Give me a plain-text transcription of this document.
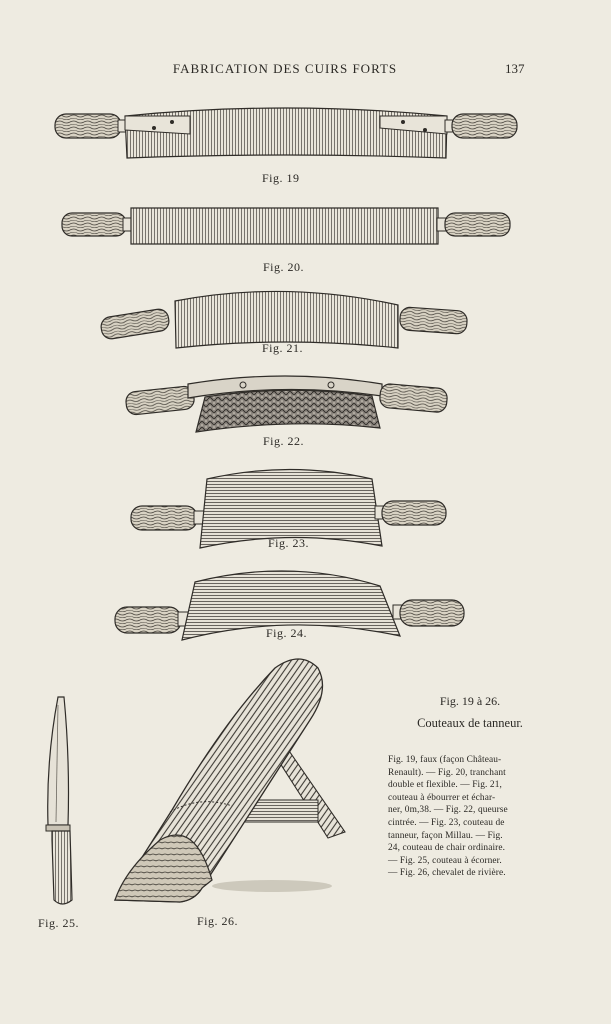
FABRICATION DES CUIRS FORTS	137
Fig. 19
Fig. 20.
Fig. 21.
Fig. 22.
Fig. 23.
Fig. 24.
Fig. 25.	Fig. 26.
Fig. 19 à 26.
Couteaux de tanneur.
Fig. 19, faux (façon Château-
Renault). — Fig. 20, tranchant
double et flexible. — Fig. 21,
couteau à ébourrer et échar-
ner, 0m,38. — Fig. 22, queurse
cintrée. — Fig. 23, couteau de
tanneur, façon Millau. — Fig.
24, couteau de chair ordinaire.
— Fig. 25, couteau à écorner.
— Fig. 26, chevalet de rivière.
